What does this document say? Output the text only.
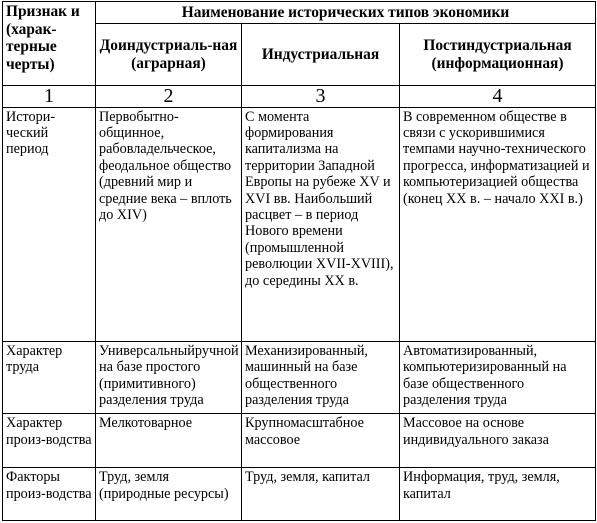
Признак и (харак-терные черты)	Наименование исторических типов экономики		
	Доиндустриаль-ная (аграрная)	Индустриальная	Постиндустриальная (информационная)
1	2	3	4
Истори-ческий период	Первобытно-общинное, рабовладельческое, феодальное общество (древний мир и средние века – вплоть до XIV)	С момента формирования капитализма на территории Западной Европы на рубеже XV и XVI вв. Наибольший расцвет – в период Нового времени (промышленной революции XVII-XVIII), до середины XX в.	В современном обществе в связи с ускорившимися темпами научно-технического прогресса, информатизацией и компьютеризацией общества (конец XX в. – начало XXI в.)
Характер труда	Универсальныйручной на базе простого (примитивного) разделения труда	Механизированный, машинный на базе общественного разделения труда	Автоматизированный, компьютеризированный на базе общественного разделения труда
Характер произ-водства	Мелкотоварное	Крупномасштабное массовое	Массовое на основе индивидуального заказа
Факторы произ-водства	Труд, земля (природные ресурсы)	Труд, земля, капитал	Информация, труд, земля, капитал
